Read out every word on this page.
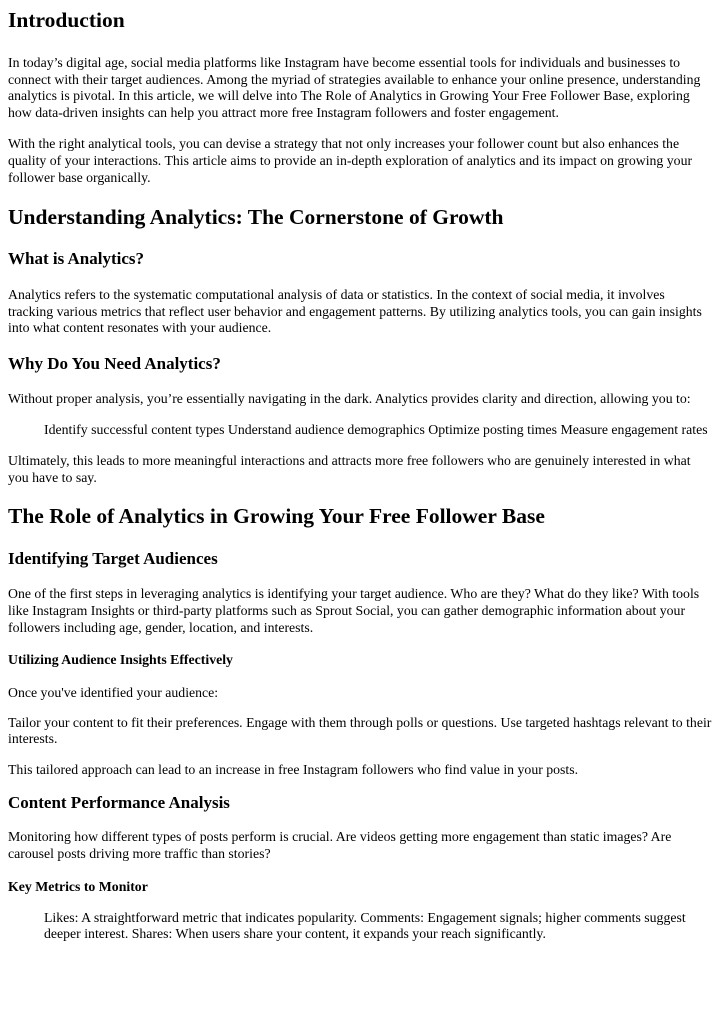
Introduction

In today’s digital age, social media platforms like Instagram have become essential tools for individuals and businesses to connect with their target audiences. Among the myriad of strategies available to enhance your online presence, understanding analytics is pivotal. In this article, we will delve into The Role of Analytics in Growing Your Free Follower Base, exploring how data-driven insights can help you attract more free Instagram followers and foster engagement.

With the right analytical tools, you can devise a strategy that not only increases your follower count but also enhances the quality of your interactions. This article aims to provide an in-depth exploration of analytics and its impact on growing your follower base organically.

Understanding Analytics: The Cornerstone of Growth
What is Analytics?

Analytics refers to the systematic computational analysis of data or statistics. In the context of social media, it involves tracking various metrics that reflect user behavior and engagement patterns. By utilizing analytics tools, you can gain insights into what content resonates with your audience.

Why Do You Need Analytics?

Without proper analysis, you’re essentially navigating in the dark. Analytics provides clarity and direction, allowing you to:

Identify successful content types Understand audience demographics Optimize posting times Measure engagement rates

Ultimately, this leads to more meaningful interactions and attracts more free followers who are genuinely interested in what you have to say.

The Role of Analytics in Growing Your Free Follower Base
Identifying Target Audiences

One of the first steps in leveraging analytics is identifying your target audience. Who are they? What do they like? With tools like Instagram Insights or third-party platforms such as Sprout Social, you can gather demographic information about your followers including age, gender, location, and interests.

Utilizing Audience Insights Effectively

Once you've identified your audience:

Tailor your content to fit their preferences. Engage with them through polls or questions. Use targeted hashtags relevant to their interests.

This tailored approach can lead to an increase in free Instagram followers who find value in your posts.

Content Performance Analysis

Monitoring how different types of posts perform is crucial. Are videos getting more engagement than static images? Are carousel posts driving more traffic than stories?

Key Metrics to Monitor
Likes: A straightforward metric that indicates popularity. Comments: Engagement signals; higher comments suggest deeper interest. Shares: When users share your content, it expands your reach significantly.
